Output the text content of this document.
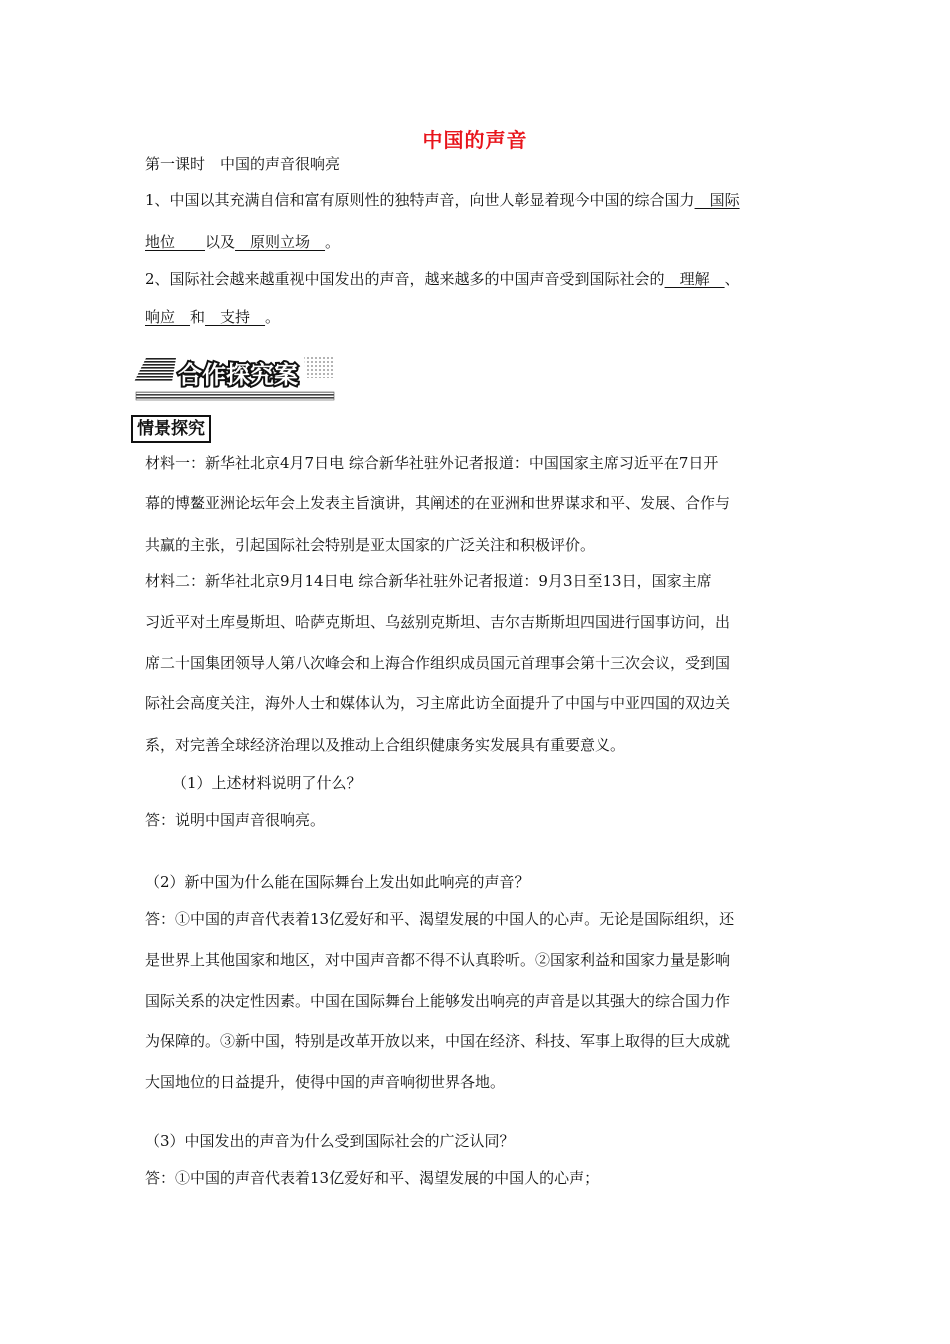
中国的声音
第一课时　中国的声音很响亮
1、中国以其充满自信和富有原则性的独特声音，向世人彰显着现今中国的综合国力　国际
地位　　以及　原则立场　。
2、国际社会越来越重视中国发出的声音，越来越多的中国声音受到国际社会的　理解　、
响应　和　支持　。
合作探究案
情景探究
材料一：新华社北京4月7日电 综合新华社驻外记者报道：中国国家主席习近平在7日开
幕的博鳌亚洲论坛年会上发表主旨演讲，其阐述的在亚洲和世界谋求和平、发展、合作与
共赢的主张，引起国际社会特别是亚太国家的广泛关注和积极评价。
材料二：新华社北京9月14日电 综合新华社驻外记者报道：9月3日至13日，国家主席
习近平对土库曼斯坦、哈萨克斯坦、乌兹别克斯坦、吉尔吉斯斯坦四国进行国事访问，出
席二十国集团领导人第八次峰会和上海合作组织成员国元首理事会第十三次会议，受到国
际社会高度关注，海外人士和媒体认为，习主席此访全面提升了中国与中亚四国的双边关
系，对完善全球经济治理以及推动上合组织健康务实发展具有重要意义。
（1）上述材料说明了什么？
答：说明中国声音很响亮。
（2）新中国为什么能在国际舞台上发出如此响亮的声音？
答：①中国的声音代表着13亿爱好和平、渴望发展的中国人的心声。无论是国际组织，还
是世界上其他国家和地区，对中国声音都不得不认真聆听。②国家利益和国家力量是影响
国际关系的决定性因素。中国在国际舞台上能够发出响亮的声音是以其强大的综合国力作
为保障的。③新中国，特别是改革开放以来，中国在经济、科技、军事上取得的巨大成就
大国地位的日益提升，使得中国的声音响彻世界各地。
（3）中国发出的声音为什么受到国际社会的广泛认同？
答：①中国的声音代表着13亿爱好和平、渴望发展的中国人的心声；
